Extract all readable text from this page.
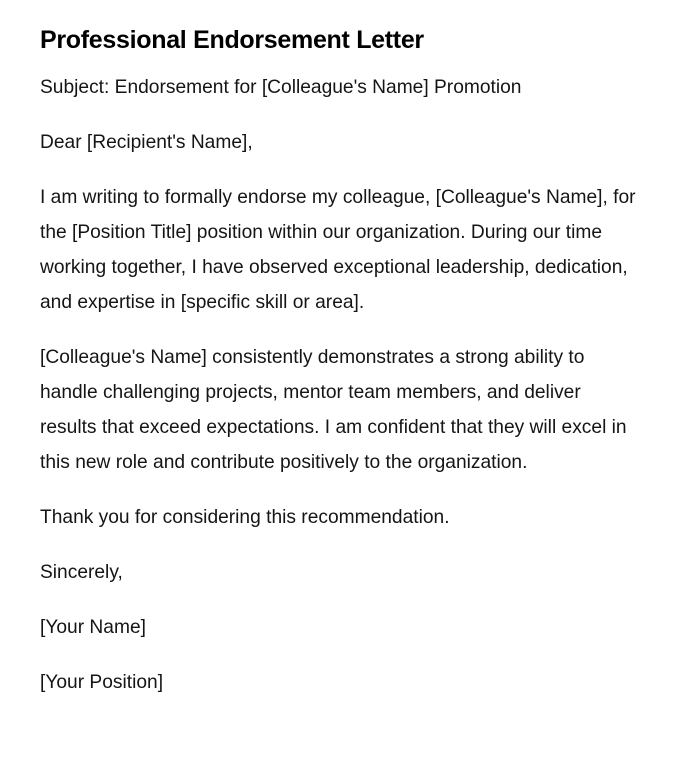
Professional Endorsement Letter

Subject: Endorsement for [Colleague's Name] Promotion

Dear [Recipient's Name],

I am writing to formally endorse my colleague, [Colleague's Name], for the [Position Title] position within our organization. During our time working together, I have observed exceptional leadership, dedication, and expertise in [specific skill or area].

[Colleague's Name] consistently demonstrates a strong ability to handle challenging projects, mentor team members, and deliver results that exceed expectations. I am confident that they will excel in this new role and contribute positively to the organization.

Thank you for considering this recommendation.

Sincerely,

[Your Name]

[Your Position]
